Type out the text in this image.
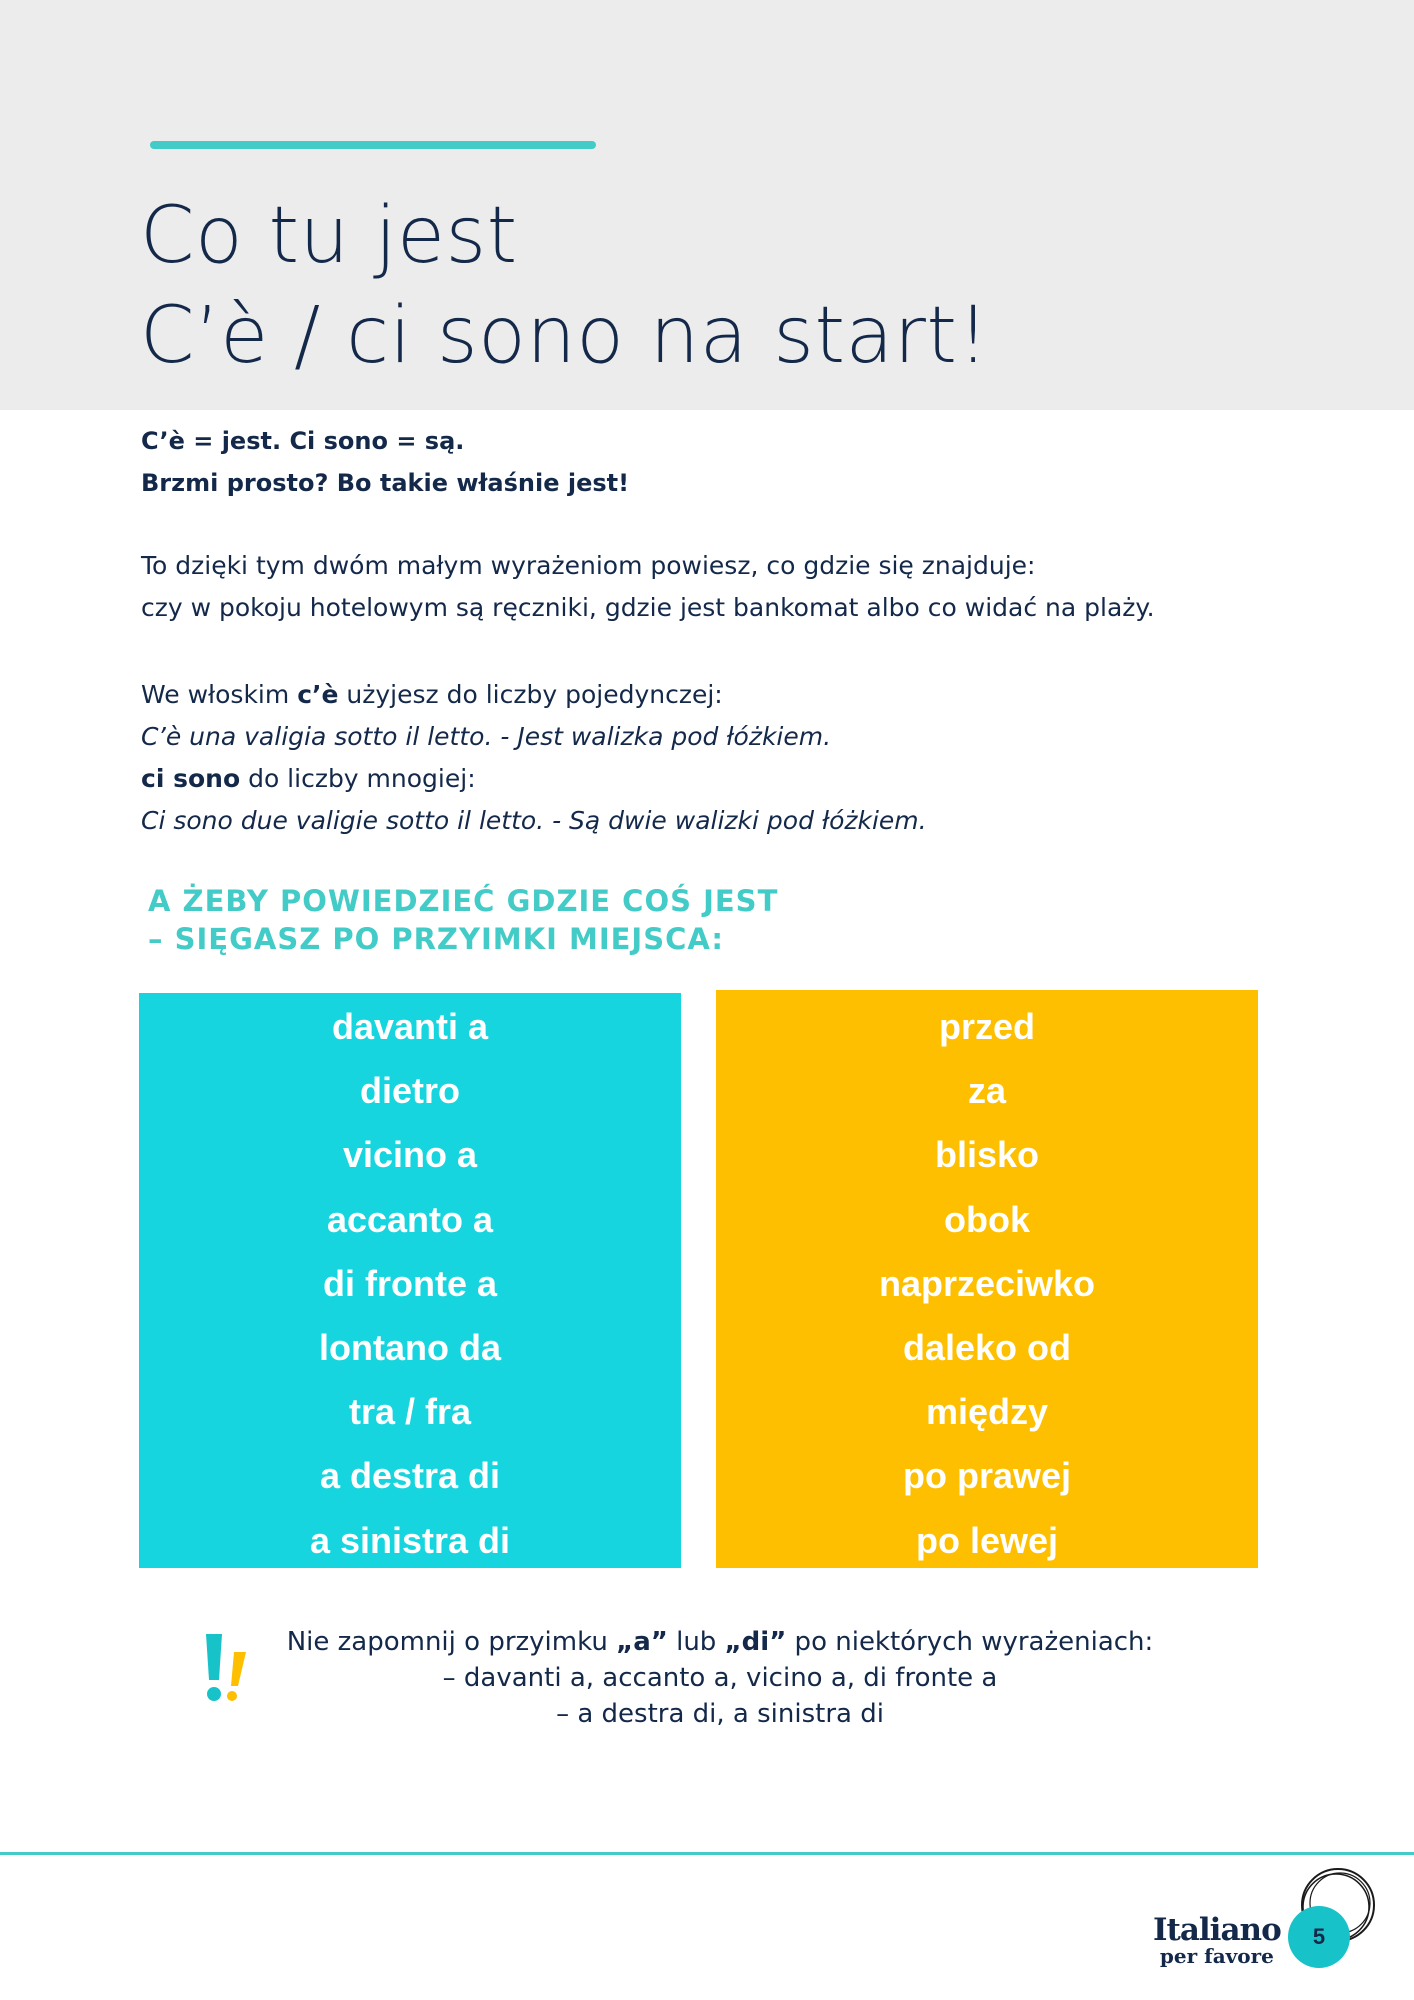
Co tu jest
C’è / ci sono na start!
C’è = jest. Ci sono = są.
Brzmi prosto? Bo takie właśnie jest!
To dzięki tym dwóm małym wyrażeniom powiesz, co gdzie się znajduje:
czy w pokoju hotelowym są ręczniki, gdzie jest bankomat albo co widać na plaży.
We włoskim c’è użyjesz do liczby pojedynczej:
C’è una valigia sotto il letto. - Jest walizka pod łóżkiem.
ci sono do liczby mnogiej:
Ci sono due valigie sotto il letto. - Są dwie walizki pod łóżkiem.
A ŻEBY POWIEDZIEĆ GDZIE COŚ JEST
– SIĘGASZ PO PRZYIMKI MIEJSCA:
davanti a
dietro
vicino a
accanto a
di fronte a
lontano da
tra / fra
a destra di
a sinistra di
przed
za
blisko
obok
naprzeciwko
daleko od
między
po prawej
po lewej
Nie zapomnij o przyimku „a” lub „di” po niektórych wyrażeniach:
– davanti a, accanto a, vicino a, di fronte a
– a destra di, a sinistra di
Italiano
per favore
5
